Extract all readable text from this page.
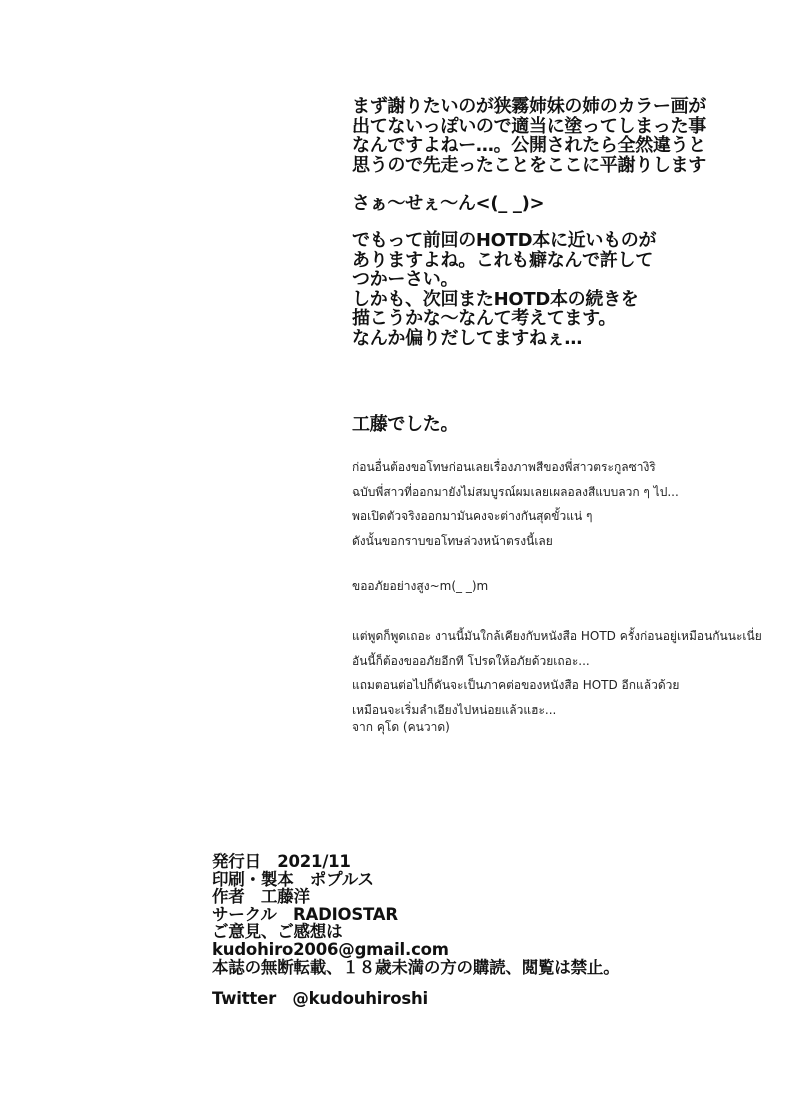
まず謝りたいのが狭霧姉妹の姉のカラー画が
出てないっぽいので適当に塗ってしまった事
なんですよねー…。公開されたら全然違うと
思うので先走ったことをここに平謝りします
さぁ〜せぇ〜ん<(_ _)>
でもって前回のHOTD本に近いものが
ありますよね。これも癖なんで許して
つかーさい。
しかも、次回またHOTD本の続きを
描こうかな〜なんて考えてます。
なんか偏りだしてますねぇ…
工藤でした。
ก่อนอื่นต้องขอโทษก่อนเลยเรื่องภาพสีของพี่สาวตระกูลซางิริ
ฉบับพี่สาวที่ออกมายังไม่สมบูรณ์ผมเลยเผลอลงสีแบบลวก ๆ ไป...
พอเปิดตัวจริงออกมามันคงจะต่างกันสุดขั้วแน่ ๆ
ดังนั้นขอกราบขอโทษล่วงหน้าตรงนี้เลย
ขออภัยอย่างสูง~m(_ _)m
แต่พูดก็พูดเถอะ งานนี้มันใกล้เคียงกับหนังสือ HOTD ครั้งก่อนอยู่เหมือนกันนะเนี่ย
อันนี้ก็ต้องขออภัยอีกที โปรดให้อภัยด้วยเถอะ...
แถมตอนต่อไปก็ดันจะเป็นภาคต่อของหนังสือ HOTD อีกแล้วด้วย
เหมือนจะเริ่มลำเอียงไปหน่อยแล้วแฮะ...
จาก คุโด (คนวาด)
発行日　2021/11
印刷・製本　ポプルス
作者　工藤洋
サークル　RADIOSTAR
ご意見、ご感想は
kudohiro2006@gmail.com
本誌の無断転載、１８歳未満の方の購読、閲覧は禁止。
Twitter　@kudouhiroshi
